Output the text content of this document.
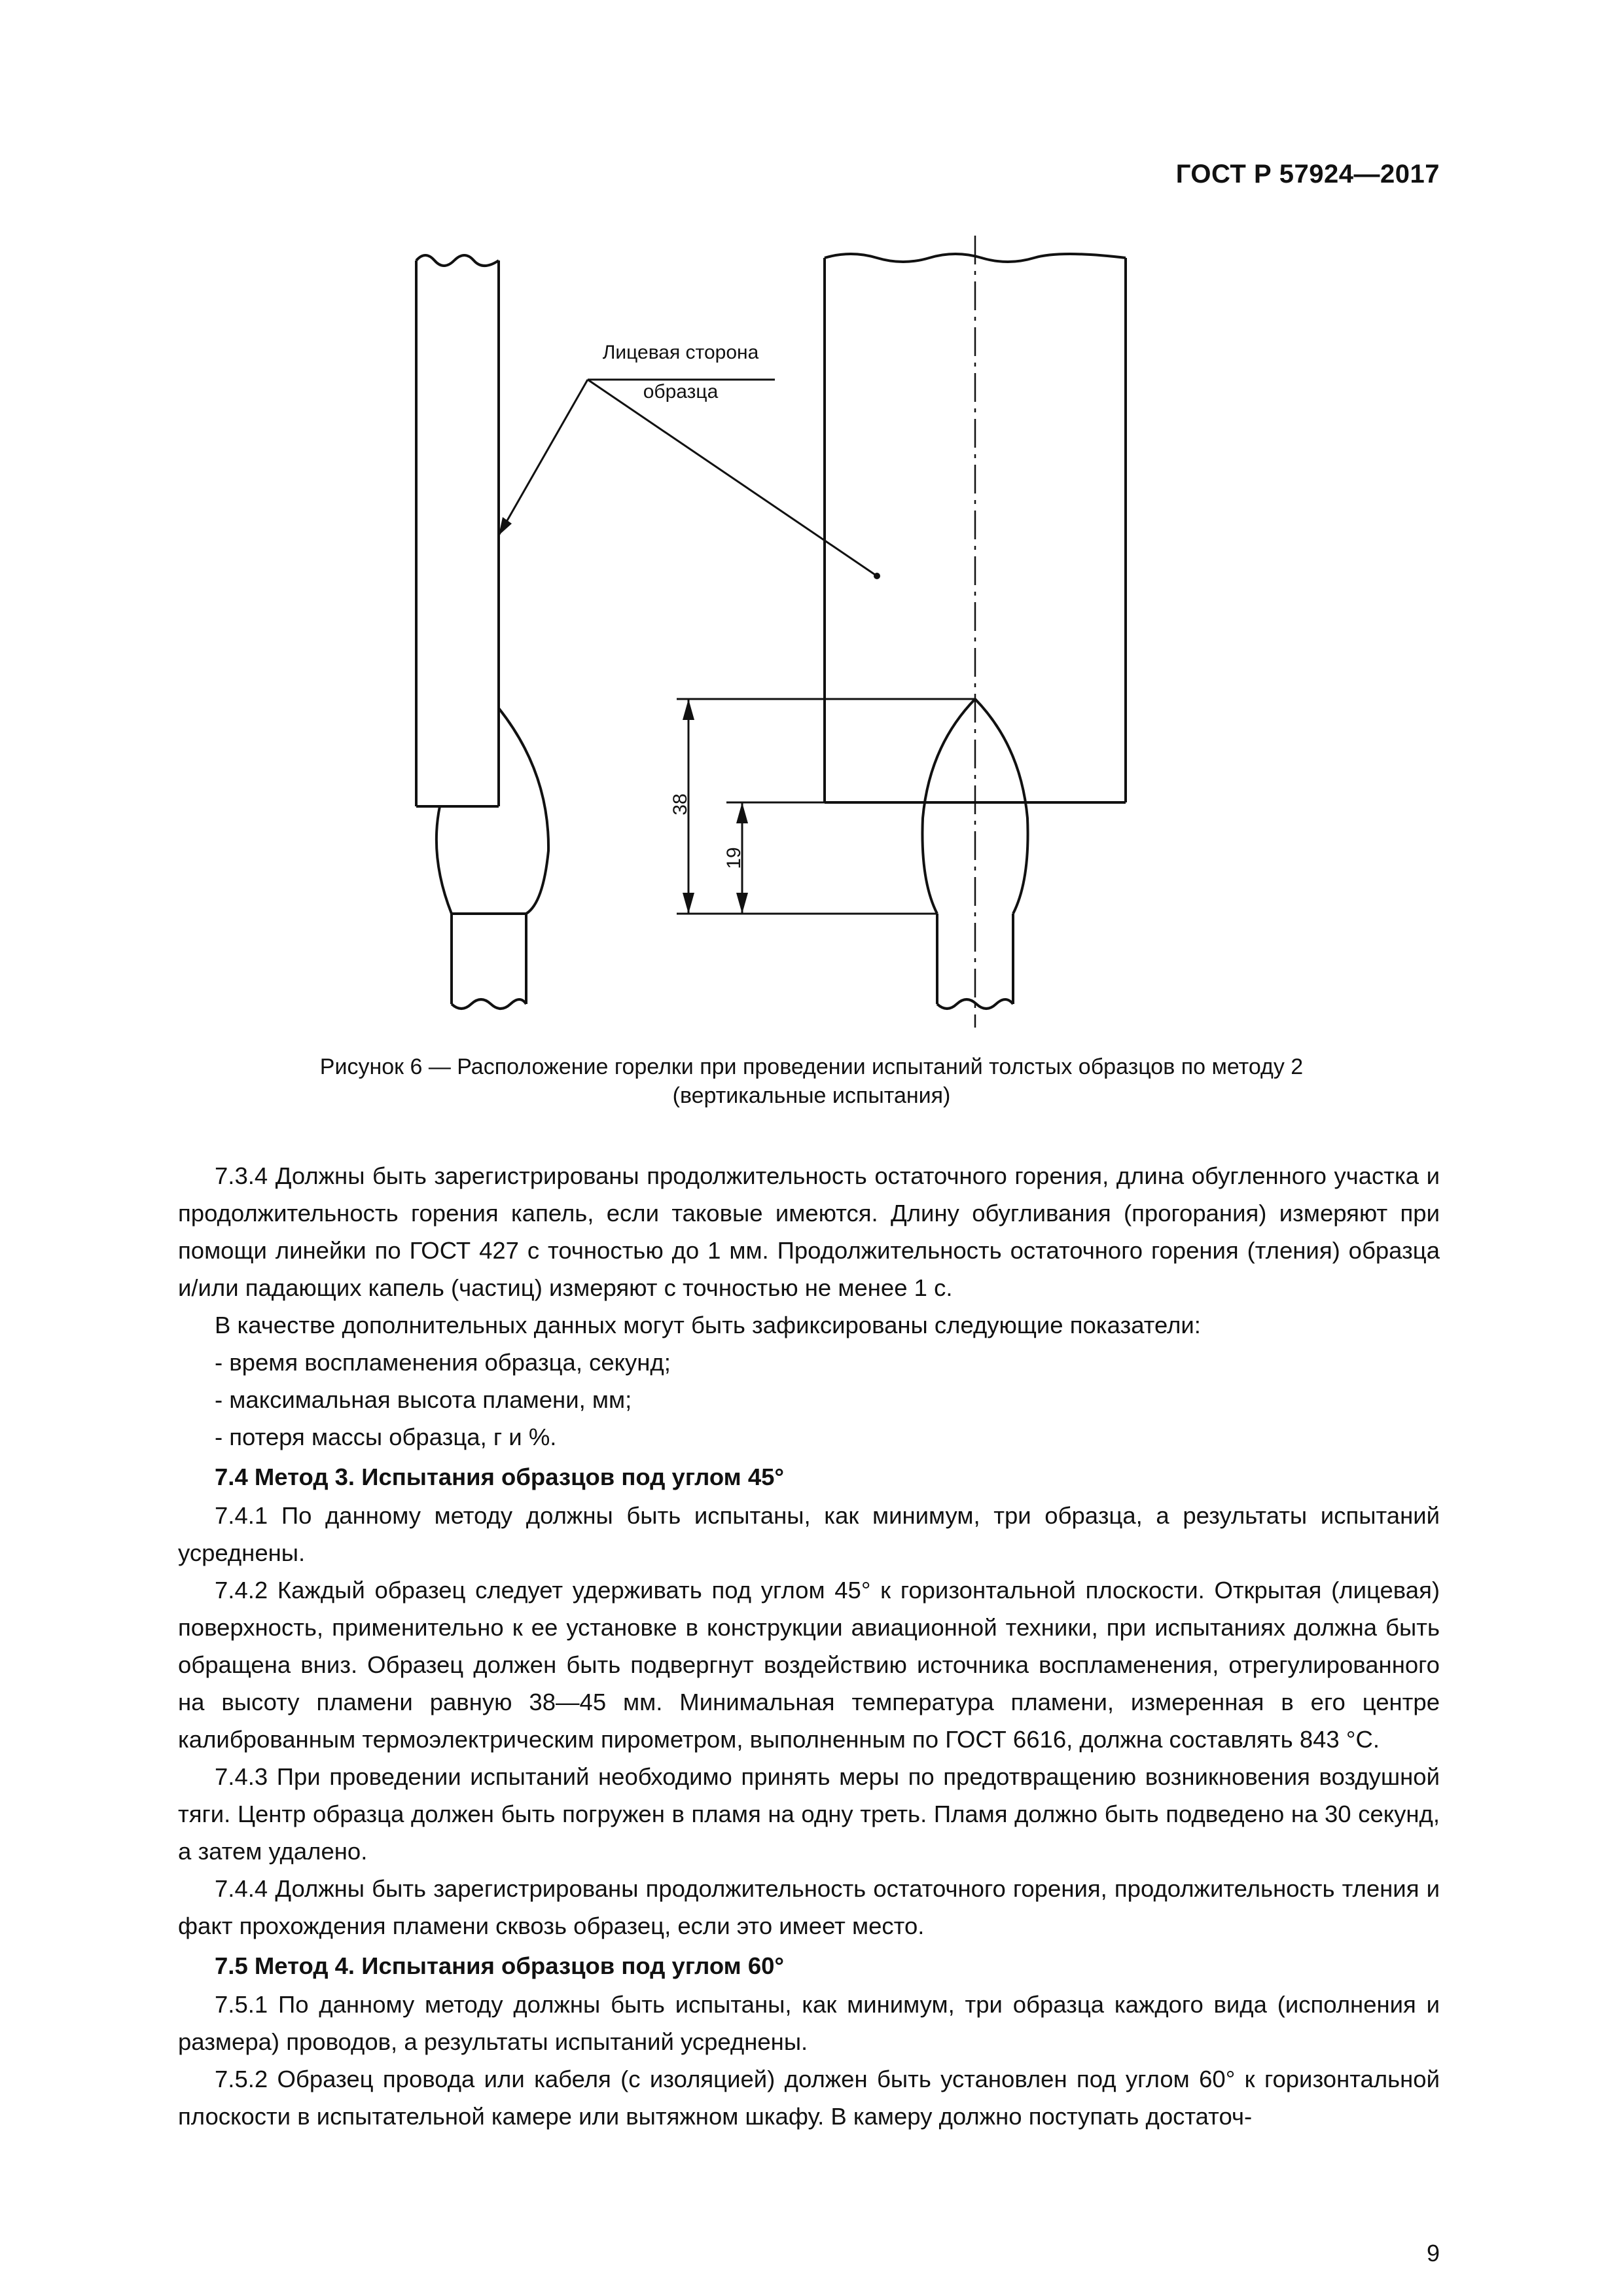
ГОСТ Р 57924—2017
Лицевая сторона
образца
38
19
Рисунок 6 — Расположение горелки при проведении испытаний толстых образцов по методу 2
(вертикальные испытания)

7.3.4 Должны быть зарегистрированы продолжительность остаточного горения, длина обугленного участка и продолжительность горения капель, если таковые имеются. Длину обугливания (прогорания) измеряют при помощи линейки по ГОСТ 427 с точностью до 1 мм. Продолжительность остаточного горения (тления) образца и/или падающих капель (частиц) измеряют с точностью не менее 1 с.

В качестве дополнительных данных могут быть зафиксированы следующие показатели:

- время воспламенения образца, секунд;

- максимальная высота пламени, мм;

- потеря массы образца, г и %.

7.4 Метод 3. Испытания образцов под углом 45°

7.4.1 По данному методу должны быть испытаны, как минимум, три образца, а результаты испытаний усреднены.

7.4.2 Каждый образец следует удерживать под углом 45° к горизонтальной плоскости. Открытая (лицевая) поверхность, применительно к ее установке в конструкции авиационной техники, при испытаниях должна быть обращена вниз. Образец должен быть подвергнут воздействию источника воспламенения, отрегулированного на высоту пламени равную 38—45 мм. Минимальная температура пламени, измеренная в его центре калиброванным термоэлектрическим пирометром, выполненным по ГОСТ 6616, должна составлять 843 °С.

7.4.3 При проведении испытаний необходимо принять меры по предотвращению возникновения воздушной тяги. Центр образца должен быть погружен в пламя на одну треть. Пламя должно быть подведено на 30 секунд, а затем удалено.

7.4.4 Должны быть зарегистрированы продолжительность остаточного горения, продолжительность тления и факт прохождения пламени сквозь образец, если это имеет место.

7.5 Метод 4. Испытания образцов под углом 60°

7.5.1 По данному методу должны быть испытаны, как минимум, три образца каждого вида (исполнения и размера) проводов, а результаты испытаний усреднены.

7.5.2 Образец провода или кабеля (с изоляцией) должен быть установлен под углом 60° к горизонтальной плоскости в испытательной камере или вытяжном шкафу. В камеру должно поступать достаточ-

9
